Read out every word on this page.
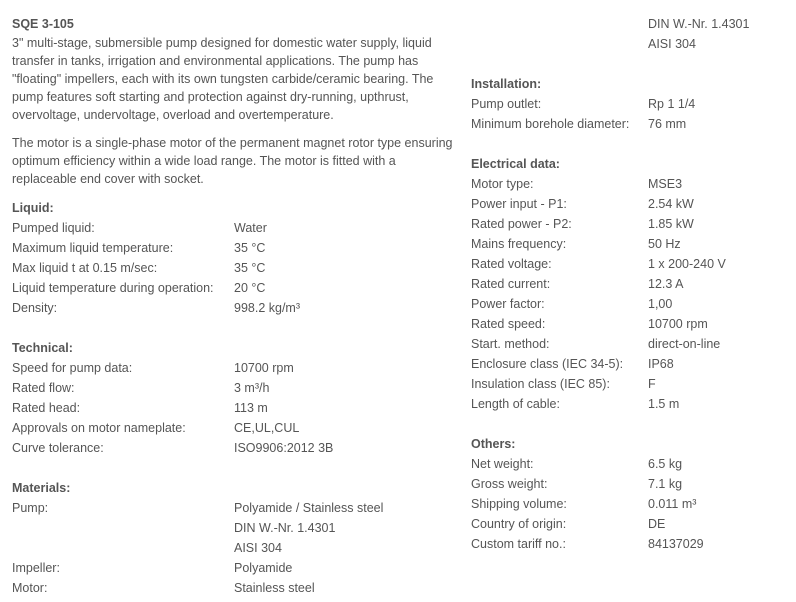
SQE 3-105

3" multi-stage, submersible pump designed for domestic water supply, liquid transfer in tanks, irrigation and environmental applications. The pump has "floating" impellers, each with its own tungsten carbide/ceramic bearing. The pump features soft starting and protection against dry-running, upthrust, overvoltage, undervoltage, overload and overtemperature.

The motor is a single-phase motor of the permanent magnet rotor type ensuring optimum efficiency within a wide load range. The motor is fitted with a replaceable end cover with socket.

Liquid:
Pumped liquid:	Water
Maximum liquid temperature:	35 °C
Max liquid t at 0.15 m/sec:	35 °C
Liquid temperature during operation:	20 °C
Density:	998.2 kg/m³
Technical:
Speed for pump data:	10700 rpm
Rated flow:	3 m³/h
Rated head:	113 m
Approvals on motor nameplate:	CE,UL,CUL
Curve tolerance:	ISO9906:2012 3B
Materials:
Pump:	Polyamide / Stainless steel
DIN W.-Nr. 1.4301
AISI 304
Impeller:	Polyamide
Motor:	Stainless steel
DIN W.-Nr. 1.4301
AISI 304
Installation:
Pump outlet:	Rp 1 1/4
Minimum borehole diameter:	76 mm
Electrical data:
Motor type:	MSE3
Power input - P1:	2.54 kW
Rated power - P2:	1.85 kW
Mains frequency:	50 Hz
Rated voltage:	1 x 200-240 V
Rated current:	12.3 A
Power factor:	1,00
Rated speed:	10700 rpm
Start. method:	direct-on-line
Enclosure class (IEC 34-5):	IP68
Insulation class (IEC 85):	F
Length of cable:	1.5 m
Others:
Net weight:	6.5 kg
Gross weight:	7.1 kg
Shipping volume:	0.011 m³
Country of origin:	DE
Custom tariff no.:	84137029
